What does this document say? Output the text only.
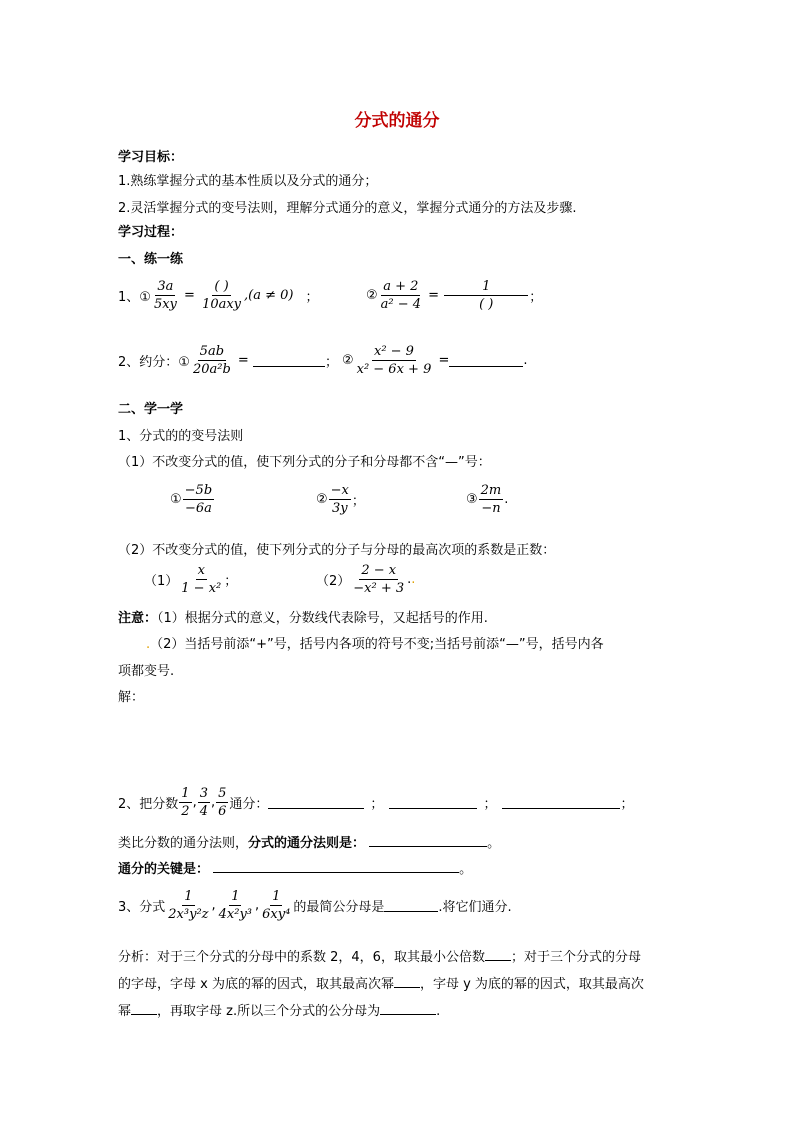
分式的通分
学习目标：
1.熟练掌握分式的基本性质以及分式的通分；
2.灵活掌握分式的变号法则，理解分式通分的意义，掌握分式通分的方法及步骤.
学习过程：
一、练一练
1、① $\frac{3a}{5xy} = \frac{( )}{\text{10axy}} ,(a \ne 0)$ ；	② $\frac{a + 2}{\text{a² − 4}} = \frac{1}{( )}$ ；
2、约分：① $\frac{5ab}{\text{20a²b}}$ =	； ② $\frac{\text{x² − 9}}{\text{x² − 6x + 9}}$ =	.
二、学一学
1、分式的的变号法则
（1）不改变分式的值，使下列分式的分子和分母都不含“—”号：
① $\frac{-5b}{-6a}$	② $\frac{-x}{3y}$ ；	③ $\frac{2m}{-n}$ .
（2）不改变分式的值，使下列分式的分子与分母的最高次项的系数是正数：
$(1) \frac{x}{\text{1 − x²}}$ ；	$(2) \frac{2 - x}{\text{−x² + 3}}$ . .
注意：（1）根据分式的意义，分数线代表除号，又起括号的作用.
.（2）当括号前添“+”号，括号内各项的符号不变;当括号前添“—”号，括号内各
项都变号.
解：
2、把分数 $\frac{1}{2}$ , $\frac{3}{4}$ , $\frac{5}{6}$ 通分：	；	；	；
类比分数的通分法则，分式的通分法则是：	。
通分的关键是：	。
3、分式 $\frac{1}{\text{2x³y²z}}$ , $\frac{1}{\text{4x²y³}}$ , $\frac{1}{\text{6xy⁴}}$ 的最简公分母是	.将它们通分.
分析：对于三个分式的分母中的系数 2，4，6，取其最小公倍数 ；对于三个分式的分母
的字母，字母 x 为底的幂的因式，取其最高次幂 ，字母 y 为底的幂的因式，取其最高次
幂 ，再取字母 z.所以三个分式的公分母为	.
